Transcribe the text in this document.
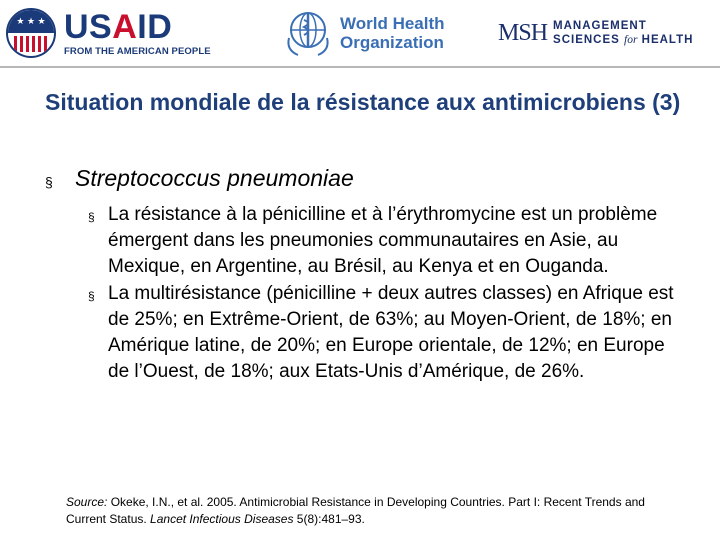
★ ★ ★ USAID
FROM THE AMERICAN PEOPLE
World Health
Organization MSH MANAGEMENT
SCIENCES for HEALTH
Situation mondiale de la résistance aux antimicrobiens (3)
§ Streptococcus pneumoniae
§ La résistance à la pénicilline et à l’érythromycine est un problème émergent dans les pneumonies communautaires en Asie, au Mexique, en Argentine, au Brésil, au Kenya et en Ouganda.
§ La multirésistance (pénicilline + deux autres classes) en Afrique est de 25%; en Extrême-Orient, de 63%; au Moyen-Orient, de 18%; en Amérique latine, de 20%; en Europe orientale, de 12%; en Europe de l’Ouest, de 18%; aux Etats-Unis d’Amérique, de 26%.
Source: Okeke, I.N., et al. 2005. Antimicrobial Resistance in Developing Countries. Part I: Recent Trends and Current Status. Lancet Infectious Diseases 5(8):481–93.
